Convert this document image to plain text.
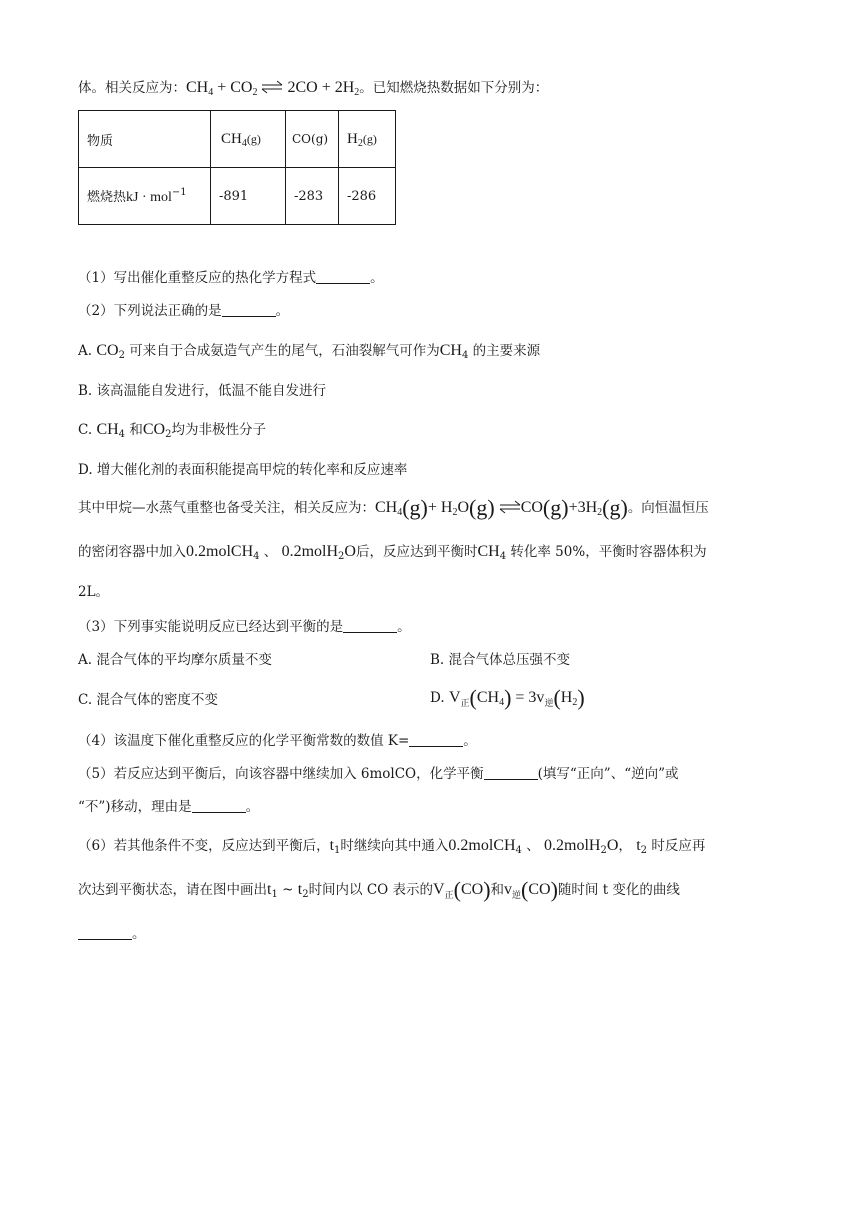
体。相关反应为：$CH_4 + CO_2$ ⇌ $2CO + 2H_2$。已知燃烧热数据如下分别为：
物质	$CH_4(g)$	CO(g)	$H_2(g)$
燃烧热kJ · mol$^{-1}$	-891	-283	-286
（1）写出催化重整反应的热化学方程式	。
（2）下列说法正确的是	。
A. $CO_2$ 可来自于合成氨造气产生的尾气，石油裂解气可作为$CH_4$ 的主要来源
B. 该高温能自发进行，低温不能自发进行
C. $CH_4$ 和$CO_2$均为非极性分子
D. 增大催化剂的表面积能提高甲烷的转化率和反应速率
其中甲烷—水蒸气重整也备受关注，相关反应为：$CH_4(g)+ H_2O(g)$ $\rightleftharpoons CO(g)+3H_2(g)$。向恒温恒压
的密闭容器中加入0.2molCH$_4$ 、 0.2molH$_2$O后，反应达到平衡时$CH_4$ 转化率 50%，平衡时容器体积为
2L。
（3）下列事实能说明反应已经达到平衡的是	。
A. 混合气体的平均摩尔质量不变	B. 混合气体总压强不变
C. 混合气体的密度不变	D. $V_正(CH_4) = 3v_逆(H_2)$
（4）该温度下催化重整反应的化学平衡常数的数值 K=	。
（5）若反应达到平衡后，向该容器中继续加入 6molCO，化学平衡	(填写“正向”、“逆向”或
“不”)移动，理由是	。
（6）若其他条件不变，反应达到平衡后，$t_1$时继续向其中通入0.2molCH$_4$ 、 0.2molH$_2$O， $t_2$ 时反应再
次达到平衡状态，请在图中画出$t_1$ ~ $t_2$时间内以 CO 表示的$V_正(CO)$和$v_逆(CO)$随时间 t 变化的曲线
。
